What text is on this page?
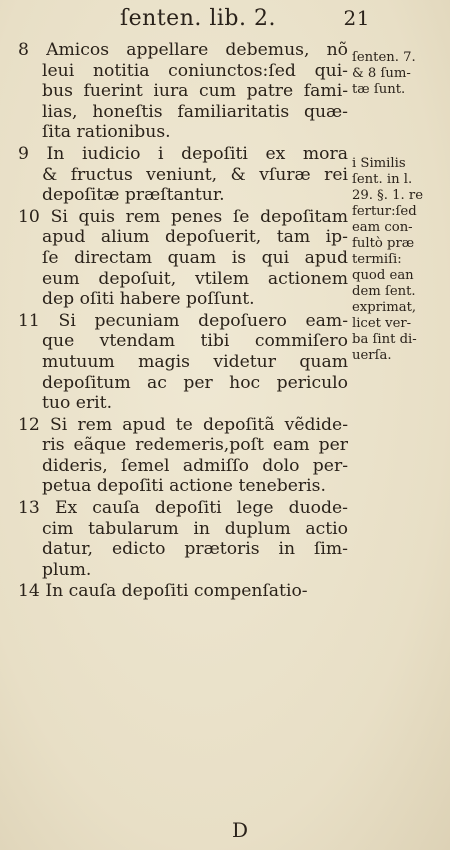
ſenten. lib. 2.	21
8 Amicos appellare debemus, nõ
leui notitia coniunctos:ſed qui-
bus fuerint iura cum patre fami-
lias, honeſtis familiaritatis quæ-
ſita rationibus.
9 In iudicio i depoſiti ex mora
& fructus veniunt, & vſuræ rei
depoſitæ præſtantur.
10 Si quis rem penes ſe depoſitam
apud alium depoſuerit, tam ip-
ſe directam quam is qui apud
eum depoſuit, vtilem actionem
dep oſiti habere poſſunt.
11 Si pecuniam depoſuero eam-
que vtendam tibi commiſero
mutuum magis videtur quam
depoſitum ac per hoc periculo
tuo erit.
12 Si rem apud te depoſitã vẽdide-
ris eãque redemeris,poſt eam per
dideris, ſemel admiſſo dolo per-
petua depoſiti actione teneberis.
13 Ex cauſa depoſiti lege duode-
cim tabularum in duplum actio
datur, edicto prætoris in ſim-
plum.
14 In cauſa depoſiti compenſatio-
ſenten. 7.
& 8 ſum-
tæ ſunt.
i Similis
ſent. in l.
29. §. 1. re
fertur:ſed
eam con-
fultò præ
termiſi:
quod ean
dem ſent.
exprimat,
licet ver-
ba ſint di-
uerſa.
D
